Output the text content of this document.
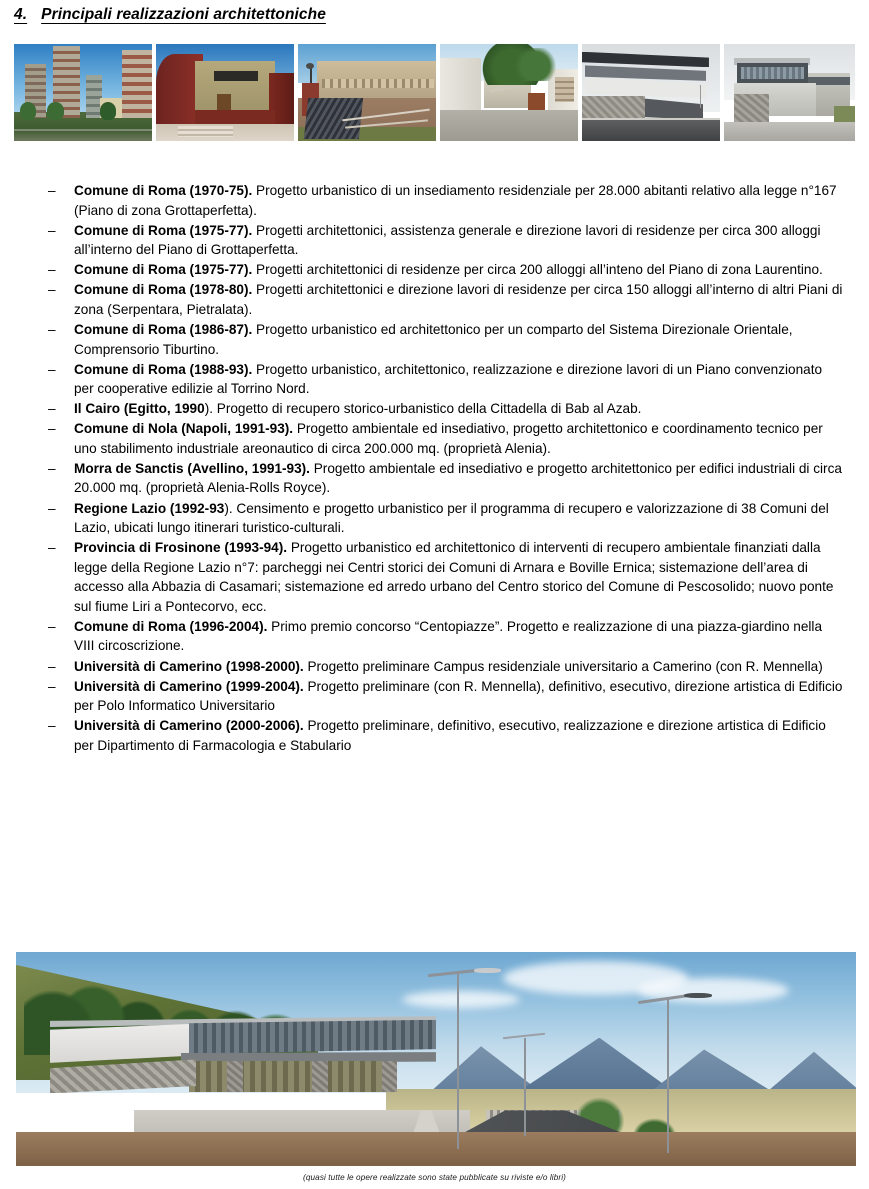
4. Principali realizzazioni architettoniche
–	Comune di Roma (1970-75). Progetto urbanistico di un insediamento residenziale per 28.000 abitanti relativo alla legge n°167 (Piano di zona Grottaperfetta).
–	Comune di Roma (1975-77). Progetti architettonici, assistenza generale e direzione lavori di residenze per circa 300 alloggi all’interno del Piano di Grottaperfetta.
–	Comune di Roma (1975-77). Progetti architettonici di residenze per circa 200 alloggi all’inteno del Piano di zona Laurentino.
–	Comune di Roma (1978-80). Progetti architettonici e direzione lavori di residenze per circa 150 alloggi all’interno di altri Piani di zona (Serpentara, Pietralata).
–	Comune di Roma (1986-87). Progetto urbanistico ed architettonico per un comparto del Sistema Direzionale Orientale, Comprensorio Tiburtino.
–	Comune di Roma (1988-93). Progetto urbanistico, architettonico, realizzazione e direzione lavori di un Piano convenzionato per cooperative edilizie al Torrino Nord.
–	Il Cairo (Egitto, 1990). Progetto di recupero storico-urbanistico della Cittadella di Bab al Azab.
–	Comune di Nola (Napoli, 1991-93). Progetto ambientale ed insediativo, progetto architettonico e coordinamento tecnico per uno stabilimento industriale areonautico di circa 200.000 mq. (proprietà Alenia).
–	Morra de Sanctis (Avellino, 1991-93). Progetto ambientale ed insediativo e progetto architettonico per edifici industriali di circa 20.000 mq. (proprietà Alenia-Rolls Royce).
–	Regione Lazio (1992-93). Censimento e progetto urbanistico per il programma di recupero e valorizzazione di 38 Comuni del Lazio, ubicati lungo itinerari turistico-culturali.
–	Provincia di Frosinone (1993-94). Progetto urbanistico ed architettonico di interventi di recupero ambientale finanziati dalla legge della Regione Lazio n°7: parcheggi nei Centri storici dei Comuni di Arnara e Boville Ernica; sistemazione dell’area di accesso alla Abbazia di Casamari; sistemazione ed arredo urbano del Centro storico del Comune di Pescosolido; nuovo ponte sul fiume Liri a Pontecorvo, ecc.
–	Comune di Roma (1996-2004). Primo premio concorso “Centopiazze”. Progetto e realizzazione di una piazza-giardino nella VIII circoscrizione.
–	Università di Camerino (1998-2000). Progetto preliminare Campus residenziale universitario a Camerino (con R. Mennella)
–	Università di Camerino (1999-2004). Progetto preliminare (con R. Mennella), definitivo, esecutivo, direzione artistica di Edificio per Polo Informatico Universitario
–	Università di Camerino (2000-2006). Progetto preliminare, definitivo, esecutivo, realizzazione e direzione artistica di Edificio per Dipartimento di Farmacologia e Stabulario
(quasi tutte le opere realizzate sono state pubblicate su riviste e/o libri)
